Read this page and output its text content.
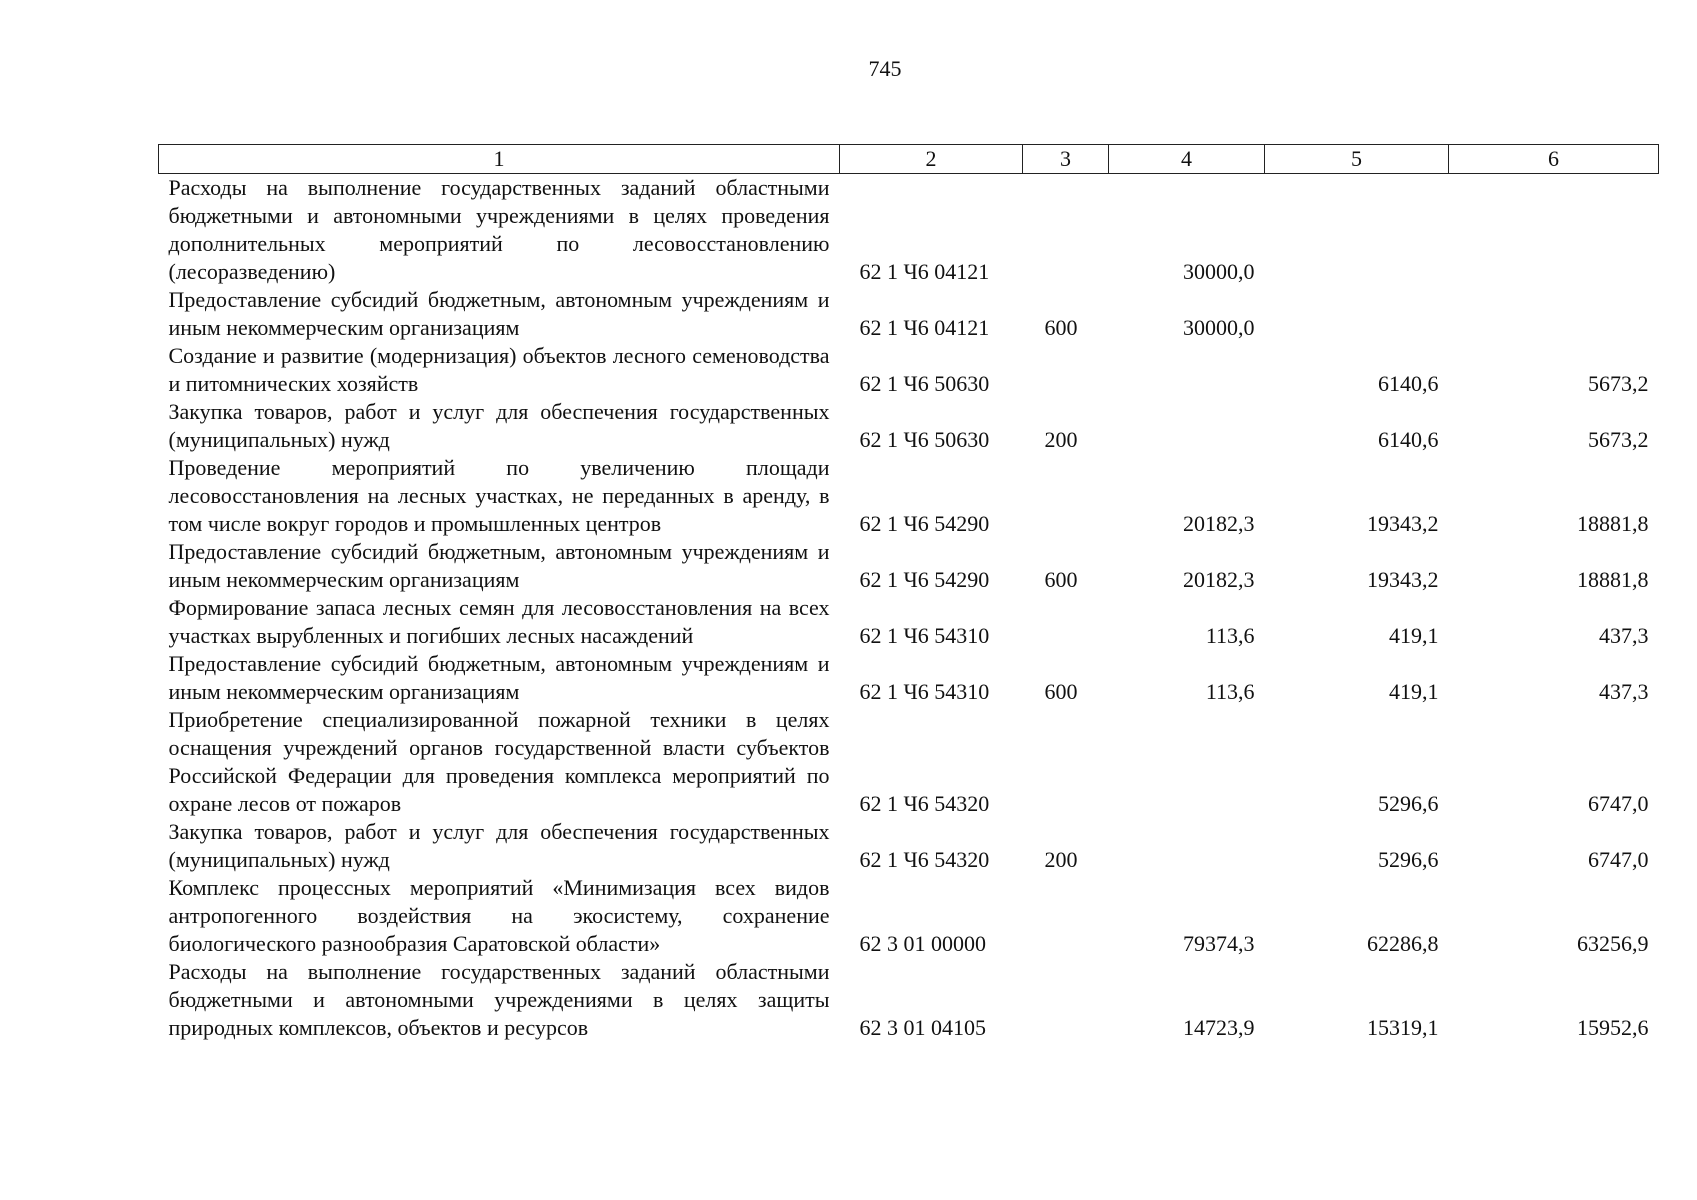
745
1	2	3	4	5	6
Расходы на выполнение государственных заданий областными бюджетными и автономными учреждениями в целях проведения дополнительных мероприятий по лесовосстановлению (лесоразведению)	62 1 Ч6 04121		30000,0		
Предоставление субсидий бюджетным, автономным учреждениям и иным некоммерческим организациям	62 1 Ч6 04121	600	30000,0		
Создание и развитие (модернизация) объектов лесного семеноводства и питомнических хозяйств	62 1 Ч6 50630			6140,6	5673,2
Закупка товаров, работ и услуг для обеспечения государственных (муниципальных) нужд	62 1 Ч6 50630	200		6140,6	5673,2
Проведение мероприятий по увеличению площади лесовосстановления на лесных участках, не переданных в аренду, в том числе вокруг городов и промышленных центров	62 1 Ч6 54290		20182,3	19343,2	18881,8
Предоставление субсидий бюджетным, автономным учреждениям и иным некоммерческим организациям	62 1 Ч6 54290	600	20182,3	19343,2	18881,8
Формирование запаса лесных семян для лесовосстановления на всех участках вырубленных и погибших лесных насаждений	62 1 Ч6 54310		113,6	419,1	437,3
Предоставление субсидий бюджетным, автономным учреждениям и иным некоммерческим организациям	62 1 Ч6 54310	600	113,6	419,1	437,3
Приобретение специализированной пожарной техники в целях оснащения учреждений органов государственной власти субъектов Российской Федерации для проведения комплекса мероприятий по охране лесов от пожаров	62 1 Ч6 54320			5296,6	6747,0
Закупка товаров, работ и услуг для обеспечения государственных (муниципальных) нужд	62 1 Ч6 54320	200		5296,6	6747,0
Комплекс процессных мероприятий «Минимизация всех видов антропогенного воздействия на экосистему, сохранение биологического разнообразия Саратовской области»	62 3 01 00000		79374,3	62286,8	63256,9
Расходы на выполнение государственных заданий областными бюджетными и автономными учреждениями в целях защиты природных комплексов, объектов и ресурсов	62 3 01 04105		14723,9	15319,1	15952,6
